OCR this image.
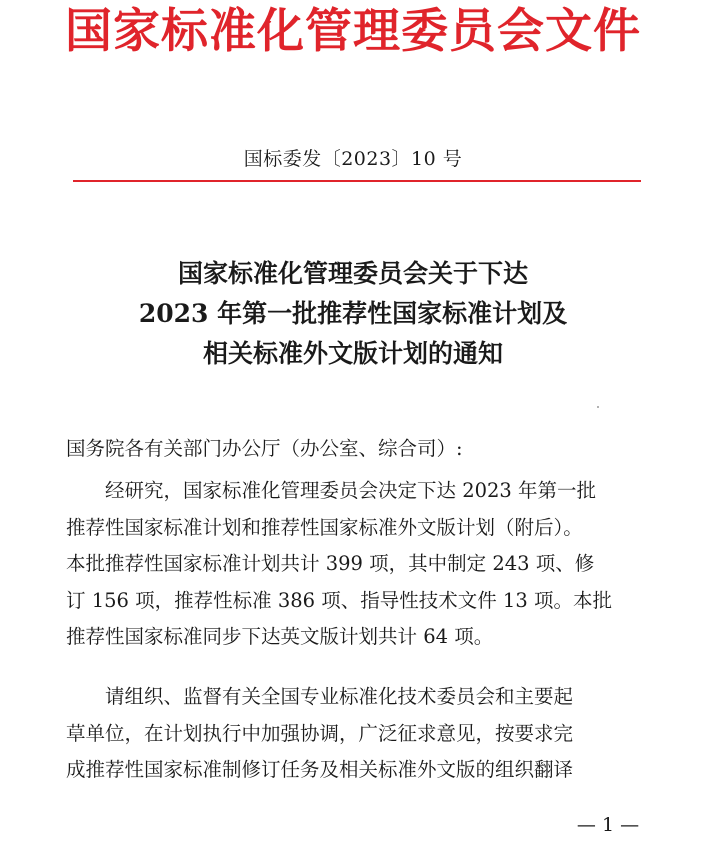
国家标准化管理委员会文件
国标委发〔2023〕10 号
国家标准化管理委员会关于下达
2023 年第一批推荐性国家标准计划及
相关标准外文版计划的通知
国务院各有关部门办公厅（办公室、综合司）:
　　经研究，国家标准化管理委员会决定下达 2023 年第一批
推荐性国家标准计划和推荐性国家标准外文版计划（附后）。
本批推荐性国家标准计划共计 399 项，其中制定 243 项、修
订 156 项，推荐性标准 386 项、指导性技术文件 13 项。本批
推荐性国家标准同步下达英文版计划共计 64 项。
　　请组织、监督有关全国专业标准化技术委员会和主要起
草单位，在计划执行中加强协调，广泛征求意见，按要求完
成推荐性国家标准制修订任务及相关标准外文版的组织翻译
— 1 —
